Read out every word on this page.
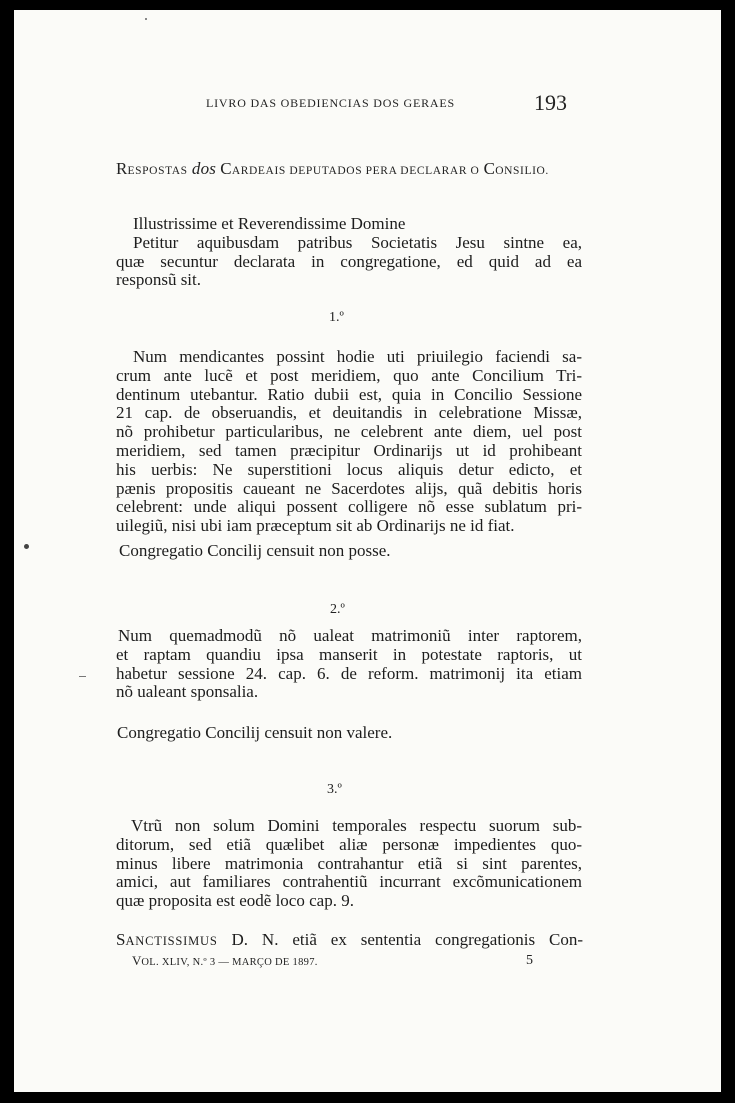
LIVRO DAS OBEDIENCIAS DOS GERAES	193
RESPOSTAS dos CARDEAIS DEPUTADOS PERA DECLARAR O CONSILIO.
Illustrissime et Reverendissime Domine
Petitur aquibusdam patribus Societatis Jesu sintne ea,
quæ secuntur declarata in congregatione, ed quid ad ea
responsũ sit.
1.º
Num mendicantes possint hodie uti priuilegio faciendi sa-
crum ante lucẽ et post meridiem, quo ante Concilium Tri-
dentinum utebantur. Ratio dubii est, quia in Concilio Sessione
21 cap. de obseruandis, et deuitandis in celebratione Missæ,
nõ prohibetur particularibus, ne celebrent ante diem, uel post
meridiem, sed tamen præcipitur Ordinarijs ut id prohibeant
his uerbis: Ne superstitioni locus aliquis detur edicto, et
pænis propositis caueant ne Sacerdotes alijs, quã debitis horis
celebrent: unde aliqui possent colligere nõ esse sublatum pri-
uilegiũ, nisi ubi iam præceptum sit ab Ordinarijs ne id fiat.
Congregatio Concilij censuit non posse.
2.º
Num quemadmodũ nõ ualeat matrimoniũ inter raptorem,
et raptam quandiu ipsa manserit in potestate raptoris, ut
habetur sessione 24. cap. 6. de reform. matrimonij ita etiam
nõ ualeant sponsalia.
Congregatio Concilij censuit non valere.
3.º
Vtrũ non solum Domini temporales respectu suorum sub-
ditorum, sed etiã quælibet aliæ personæ impedientes quo-
minus libere matrimonia contrahantur etiã si sint parentes,
amici, aut familiares contrahentiũ incurrant excõmunicationem
quæ proposita est eodẽ loco cap. 9.
SANCTISSIMUS D. N. etiã ex sententia congregationis Con-
VOL. XLIV, N.º 3 — MARÇO DE 1897.	5
